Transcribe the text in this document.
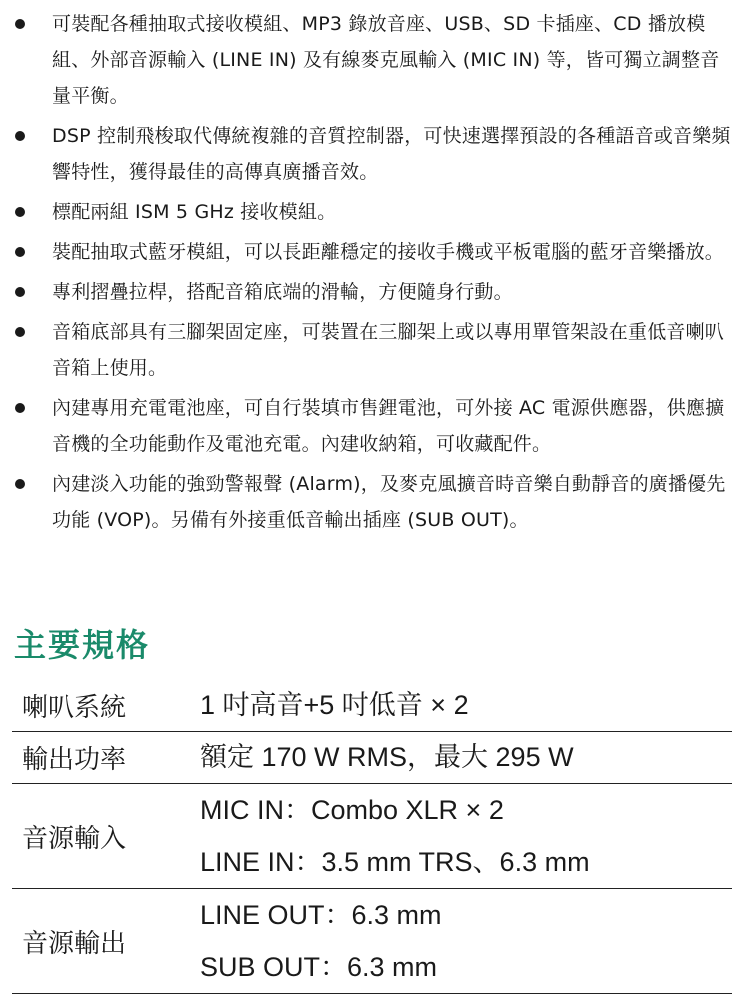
可裝配各種抽取式接收模組、MP3 錄放音座、USB、SD 卡插座、CD 播放模組、外部音源輸入 (LINE IN) 及有線麥克風輸入 (MIC IN) 等，皆可獨立調整音量平衡。
DSP 控制飛梭取代傳統複雜的音質控制器，可快速選擇預設的各種語音或音樂頻響特性，獲得最佳的高傳真廣播音效。
標配兩組 ISM 5 GHz 接收模組。
裝配抽取式藍牙模組，可以長距離穩定的接收手機或平板電腦的藍牙音樂播放。
專利摺疊拉桿，搭配音箱底端的滑輪，方便隨身行動。
音箱底部具有三腳架固定座，可裝置在三腳架上或以專用單管架設在重低音喇叭音箱上使用。
內建專用充電電池座，可自行裝填市售鋰電池，可外接 AC 電源供應器，供應擴音機的全功能動作及電池充電。內建收納箱，可收藏配件。
內建淡入功能的強勁警報聲 (Alarm)，及麥克風擴音時音樂自動靜音的廣播優先功能 (VOP)。另備有外接重低音輸出插座 (SUB OUT)。
主要規格
喇叭系統	1 吋高音+5 吋低音 × 2
輸出功率	額定 170 W RMS，最大 295 W
音源輸入
MIC IN：Combo XLR × 2
LINE IN：3.5 mm TRS、6.3 mm
音源輸出
LINE OUT：6.3 mm
SUB OUT：6.3 mm
